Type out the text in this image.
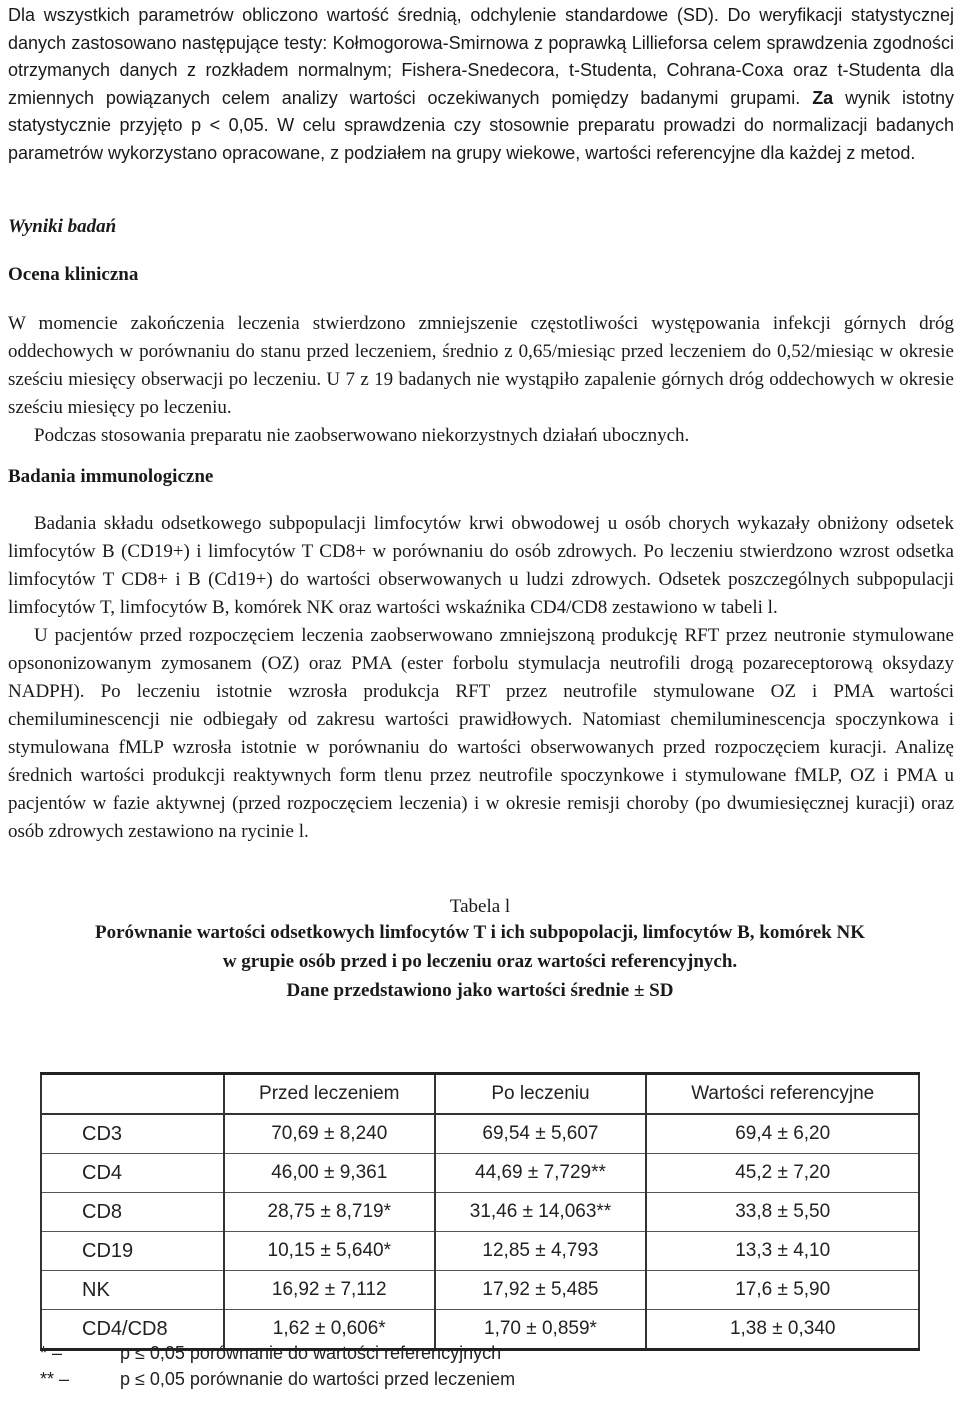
Dla wszystkich parametrów obliczono wartość średnią, odchylenie standardowe (SD). Do weryfikacji statystycznej danych zastosowano następujące testy: Kołmogorowa-Smirnowa z poprawką Lillieforsa celem sprawdzenia zgodności otrzymanych danych z rozkładem normalnym; Fishera-Snedecora, t-Studenta, Cohrana-Coxa oraz t-Studenta dla zmiennych powiązanych celem analizy wartości oczekiwanych pomiędzy badanymi grupami. Za wynik istotny statystycznie przyjęto p < 0,05. W celu sprawdzenia czy stosownie preparatu prowadzi do normalizacji badanych parametrów wykorzystano opracowane, z podziałem na grupy wiekowe, wartości referencyjne dla każdej z metod.
Wyniki badań
Ocena kliniczna

W momencie zakończenia leczenia stwierdzono zmniejszenie częstotliwości występowania infekcji górnych dróg oddechowych w porównaniu do stanu przed leczeniem, średnio z 0,65/miesiąc przed leczeniem do 0,52/miesiąc w okresie sześciu miesięcy obserwacji po leczeniu. U 7 z 19 badanych nie wystąpiło zapalenie górnych dróg oddechowych w okresie sześciu miesięcy po leczeniu.

Podczas stosowania preparatu nie zaobserwowano niekorzystnych działań ubocznych.

Badania immunologiczne

Badania składu odsetkowego subpopulacji limfocytów krwi obwodowej u osób chorych wykazały obniżony odsetek limfocytów B (CD19+) i limfocytów T CD8+ w porównaniu do osób zdrowych. Po leczeniu stwierdzono wzrost odsetka limfocytów T CD8+ i B (Cd19+) do wartości obserwowanych u ludzi zdrowych. Odsetek poszczególnych subpopulacji limfocytów T, limfocytów B, komórek NK oraz wartości wskaźnika CD4/CD8 zestawiono w tabeli l.

U pacjentów przed rozpoczęciem leczenia zaobserwowano zmniejszoną produkcję RFT przez neutronie stymulowane opsononizowanym zymosanem (OZ) oraz PMA (ester forbolu stymulacja neutrofili drogą pozareceptorową oksydazy NADPH). Po leczeniu istotnie wzrosła produkcja RFT przez neutrofile stymulowane OZ i PMA wartości chemiluminescencji nie odbiegały od zakresu wartości prawidłowych. Natomiast chemiluminescencja spoczynkowa i stymulowana fMLP wzrosła istotnie w porównaniu do wartości obserwowanych przed rozpoczęciem kuracji. Analizę średnich wartości produkcji reaktywnych form tlenu przez neutrofile spoczynkowe i stymulowane fMLP, OZ i PMA u pacjentów w fazie aktywnej (przed rozpoczęciem leczenia) i w okresie remisji choroby (po dwumiesięcznej kuracji) oraz osób zdrowych zestawiono na rycinie l.

Tabela l
Porównanie wartości odsetkowych limfocytów T i ich subpopolacji, limfocytów B, komórek NK
w grupie osób przed i po leczeniu oraz wartości referencyjnych.
Dane przedstawiono jako wartości średnie ± SD
	Przed leczeniem	Po leczeniu	Wartości referencyjne
CD3	70,69 ± 8,240	69,54 ± 5,607	69,4 ± 6,20
CD4	46,00 ± 9,361	44,69 ± 7,729**	45,2 ± 7,20
CD8	28,75 ± 8,719*	31,46 ± 14,063**	33,8 ± 5,50
CD19	10,15 ± 5,640*	12,85 ± 4,793	13,3 ± 4,10
NK	16,92 ± 7,112	17,92 ± 5,485	17,6 ± 5,90
CD4/CD8	1,62 ± 0,606*	1,70 ± 0,859*	1,38 ± 0,340
* –	p ≤ 0,05 porównanie do wartości referencyjnych
** –	p ≤ 0,05 porównanie do wartości przed leczeniem
